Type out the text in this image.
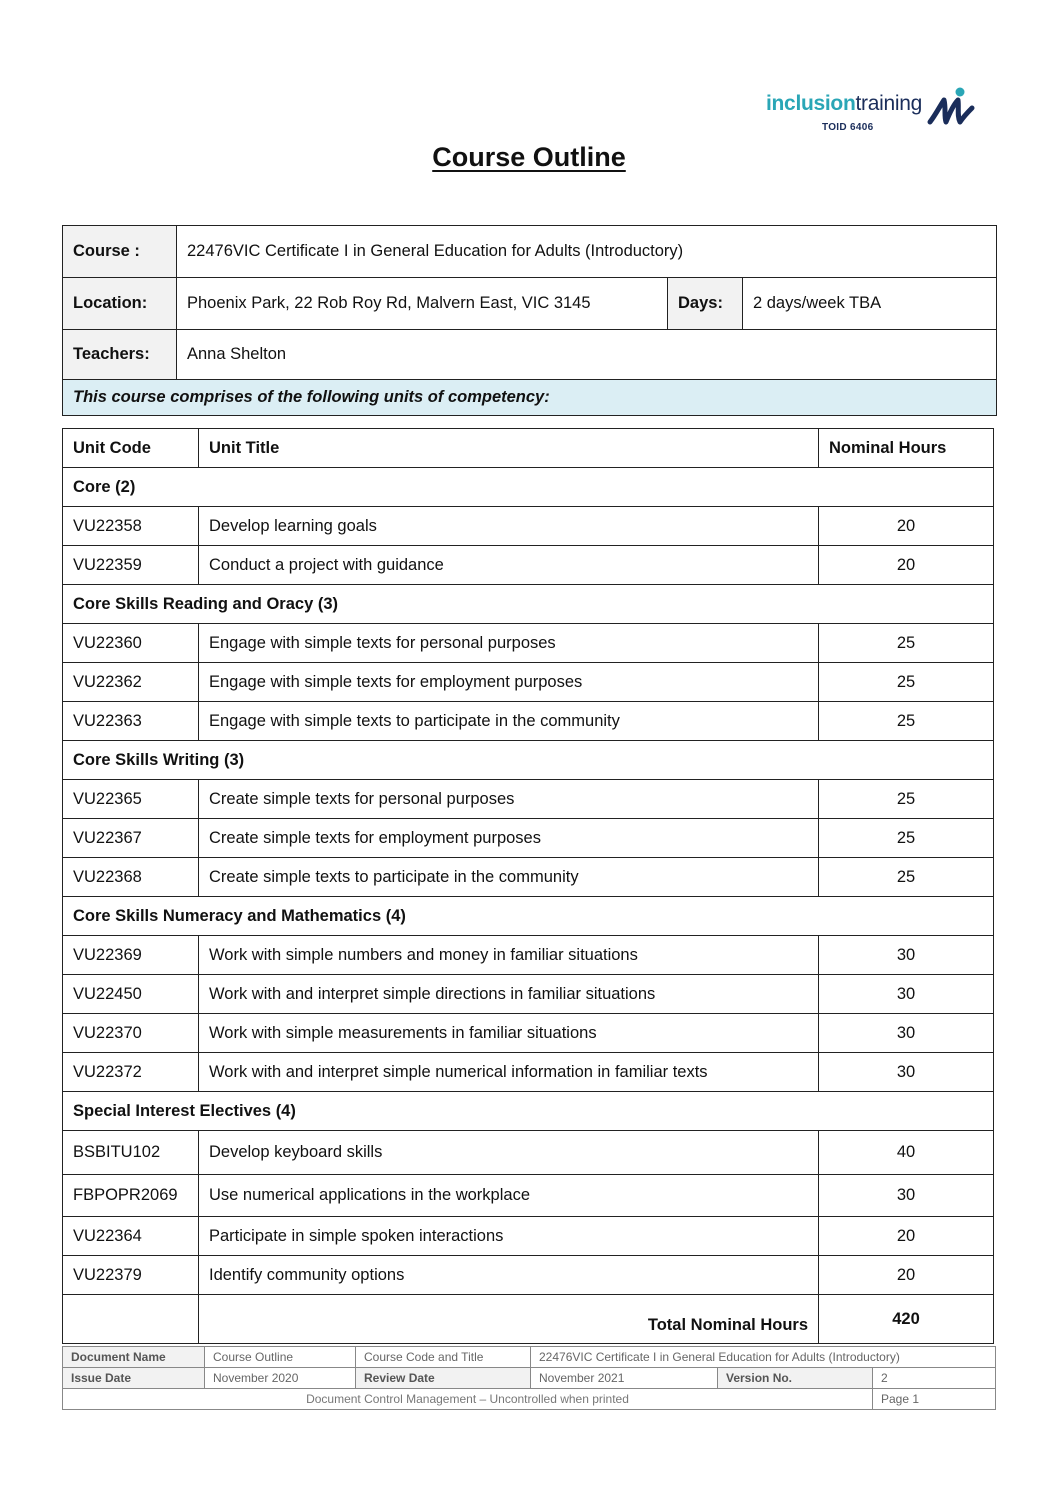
inclusiontraining
TOID 6406
Course Outline
Course :	22476VIC Certificate I in General Education for Adults (Introductory)		
Location:	Phoenix Park, 22 Rob Roy Rd, Malvern East, VIC 3145	Days:	2 days/week TBA
Teachers:	Anna Shelton		
This course comprises of the following units of competency:			
Unit Code	Unit Title	Nominal Hours
Core (2)		
VU22358	Develop learning goals	20
VU22359	Conduct a project with guidance	20
Core Skills Reading and Oracy (3)		
VU22360	Engage with simple texts for personal purposes	25
VU22362	Engage with simple texts for employment purposes	25
VU22363	Engage with simple texts to participate in the community	25
Core Skills Writing (3)		
VU22365	Create simple texts for personal purposes	25
VU22367	Create simple texts for employment purposes	25
VU22368	Create simple texts to participate in the community	25
Core Skills Numeracy and Mathematics (4)		
VU22369	Work with simple numbers and money in familiar situations	30
VU22450	Work with and interpret simple directions in familiar situations	30
VU22370	Work with simple measurements in familiar situations	30
VU22372	Work with and interpret simple numerical information in familiar texts	30
Special Interest Electives (4)		
BSBITU102	Develop keyboard skills	40
FBPOPR2069	Use numerical applications in the workplace	30
VU22364	Participate in simple spoken interactions	20
VU22379	Identify community options	20
	Total Nominal Hours	420
Document Name	Course Outline	Course Code and Title	22476VIC Certificate I in General Education for Adults (Introductory)		
Issue Date	November 2020	Review Date	November 2021	Version No.	2
Document Control Management – Uncontrolled when printed					Page 1
